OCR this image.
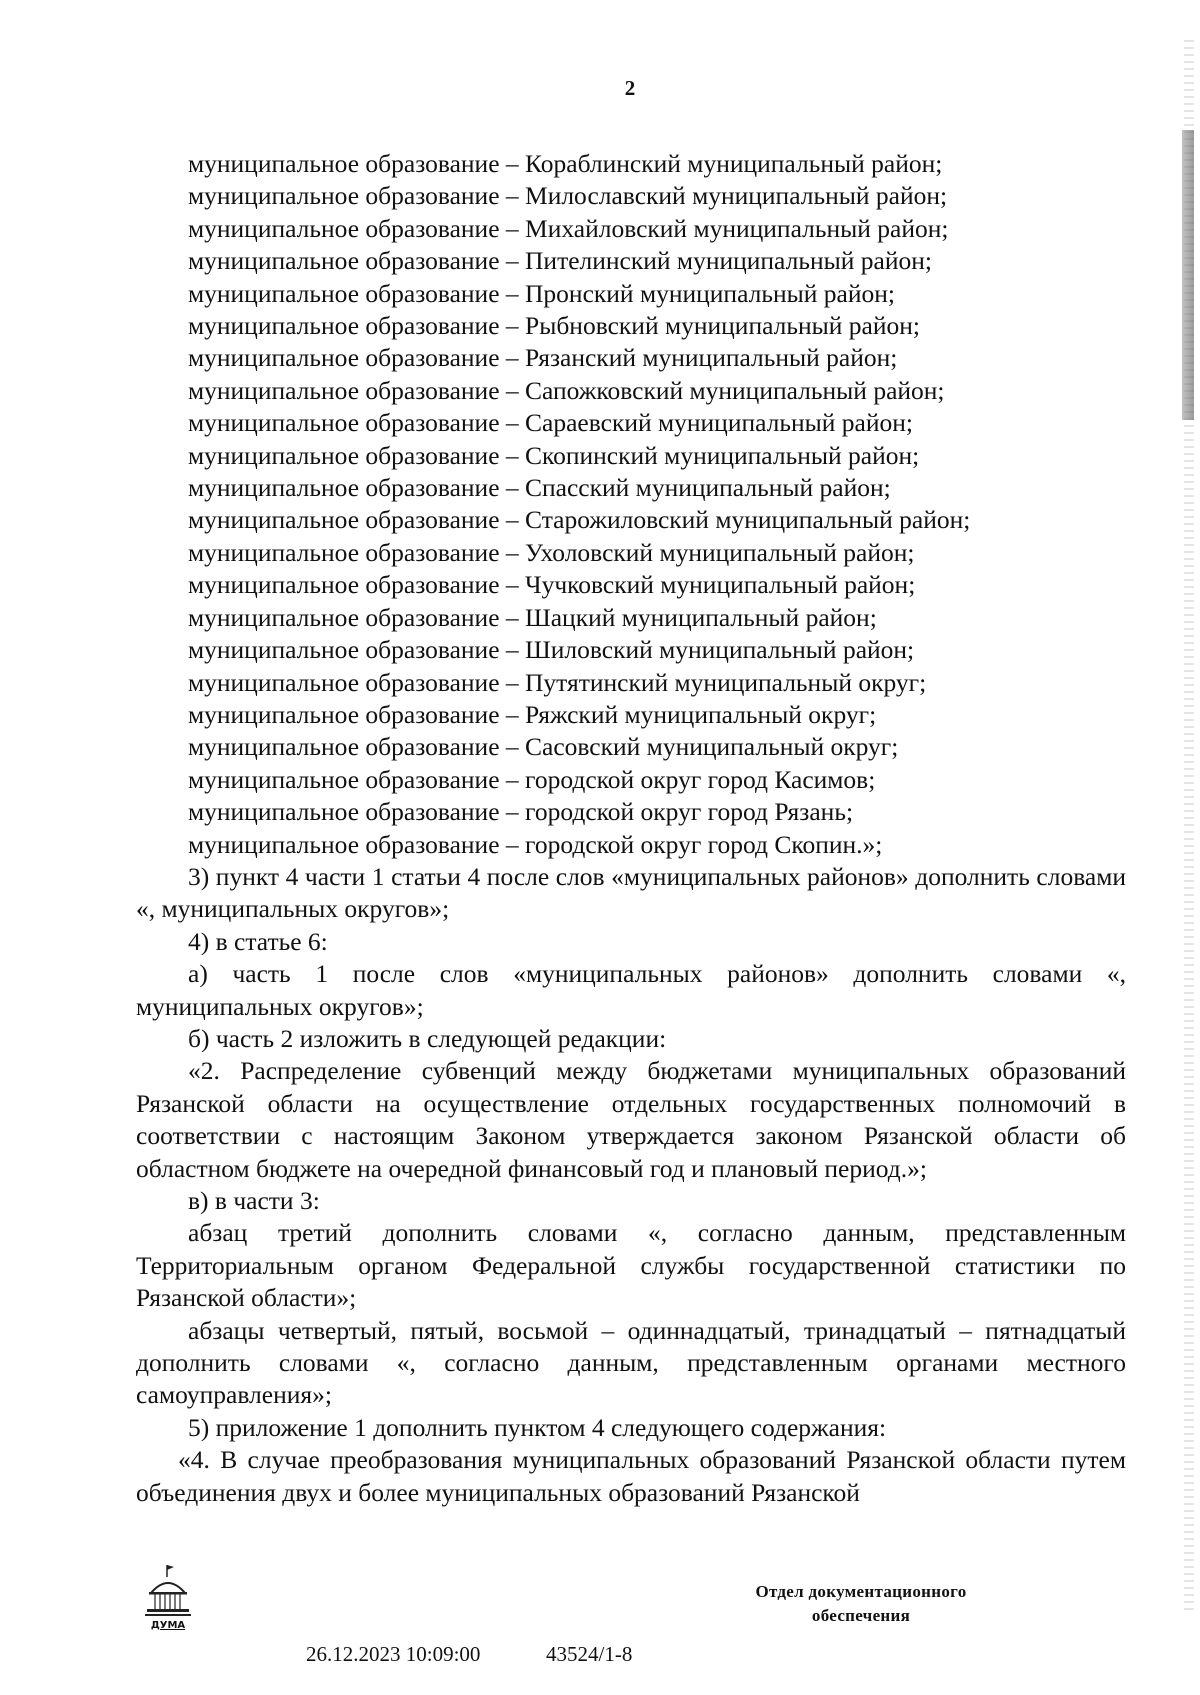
2
муниципальное образование – Кораблинский муниципальный район;
муниципальное образование – Милославский муниципальный район;
муниципальное образование – Михайловский муниципальный район;
муниципальное образование – Пителинский муниципальный район;
муниципальное образование – Пронский муниципальный район;
муниципальное образование – Рыбновский муниципальный район;
муниципальное образование – Рязанский муниципальный район;
муниципальное образование – Сапожковский муниципальный район;
муниципальное образование – Сараевский муниципальный район;
муниципальное образование – Скопинский муниципальный район;
муниципальное образование – Спасский муниципальный район;
муниципальное образование – Старожиловский муниципальный район;
муниципальное образование – Ухоловский муниципальный район;
муниципальное образование – Чучковский муниципальный район;
муниципальное образование – Шацкий муниципальный район;
муниципальное образование – Шиловский муниципальный район;
муниципальное образование – Путятинский муниципальный округ;
муниципальное образование – Ряжский муниципальный округ;
муниципальное образование – Сасовский муниципальный округ;
муниципальное образование – городской округ город Касимов;
муниципальное образование – городской округ город Рязань;
муниципальное образование – городской округ город Скопин.»;
3) пункт 4 части 1 статьи 4 после слов «муниципальных районов» дополнить словами «, муниципальных округов»;
4) в статье 6:
а) часть 1 после слов «муниципальных районов» дополнить словами «, муниципальных округов»;
б) часть 2 изложить в следующей редакции:
«2. Распределение субвенций между бюджетами муниципальных образований Рязанской области на осуществление отдельных государственных полномочий в соответствии с настоящим Законом утверждается законом Рязанской области об областном бюджете на очередной финансовый год и плановый период.»;
в) в части 3:
абзац третий дополнить словами «, согласно данным, представленным Территориальным органом Федеральной службы государственной статистики по Рязанской области»;
абзацы четвертый, пятый, восьмой – одиннадцатый, тринадцатый – пятнадцатый дополнить словами «, согласно данным, представленным органами местного самоуправления»;
5) приложение 1 дополнить пунктом 4 следующего содержания:
«4. В случае преобразования муниципальных образований Рязанской области путем объединения двух и более муниципальных образований Рязанской
ДУМА
26.12.2023 10:09:00	43524/1-8
Отдел документационного
обеспечения
